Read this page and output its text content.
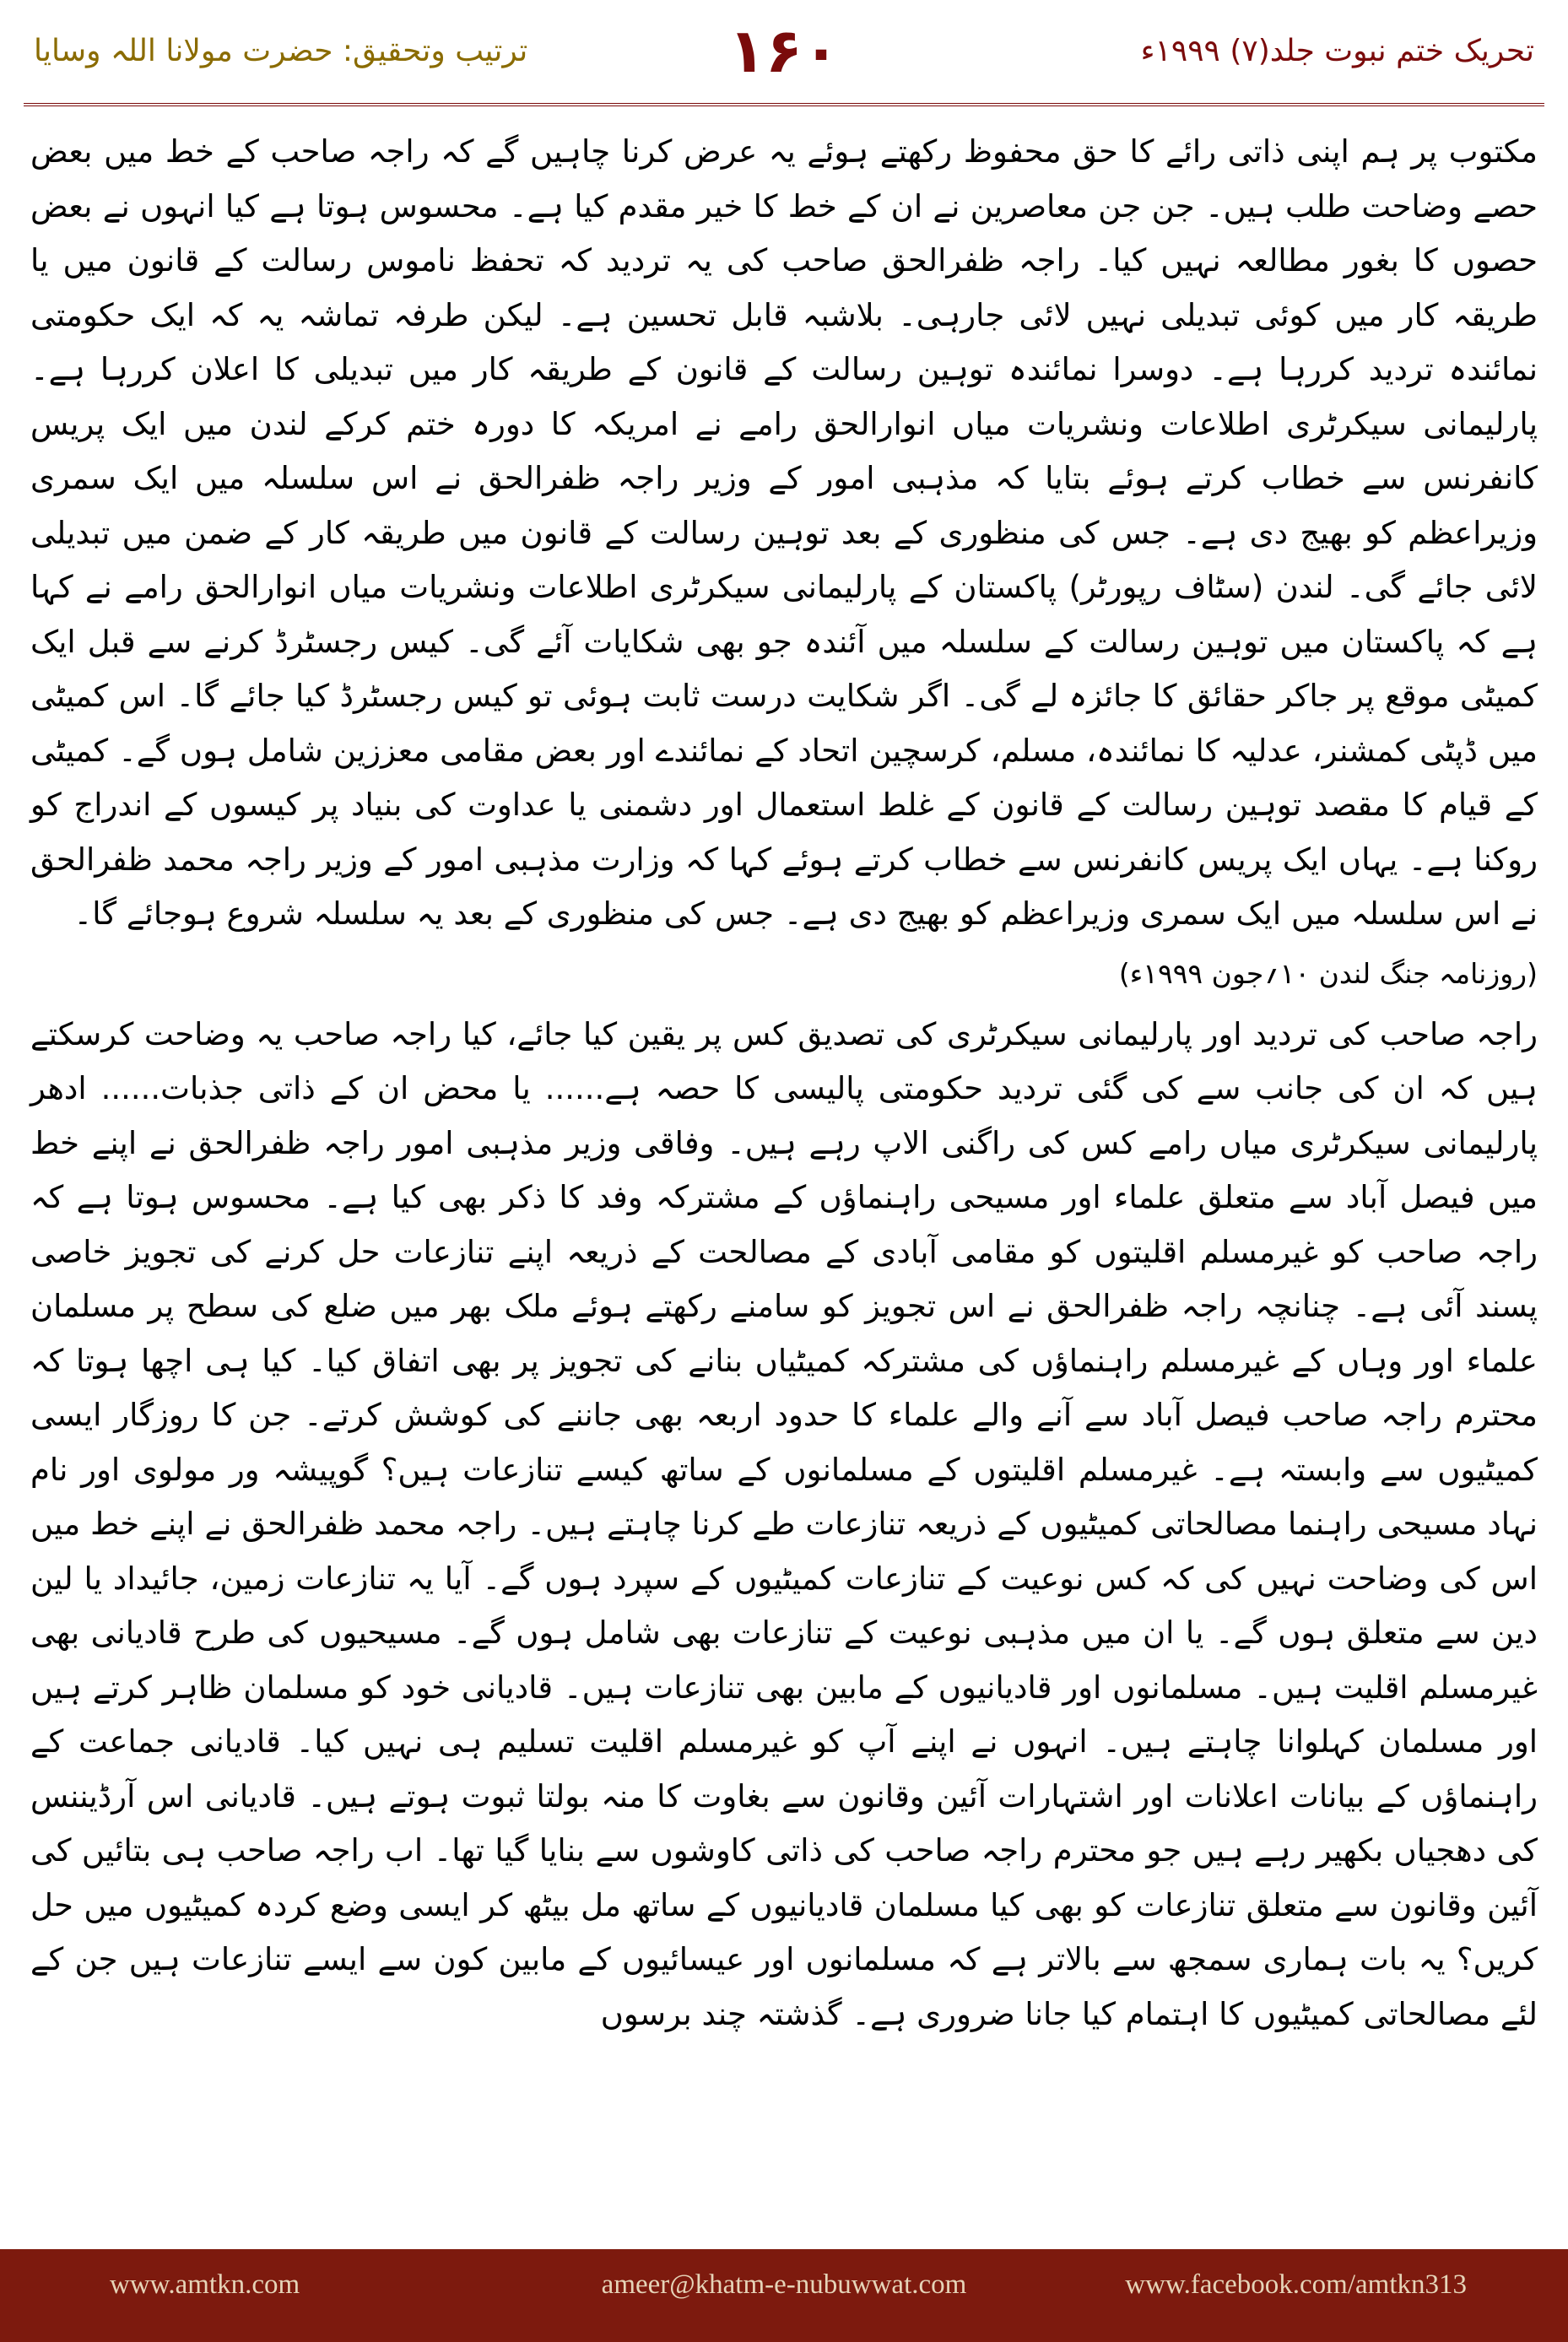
ترتیب وتحقیق: حضرت مولانا اللہ وسایا	۱۶۰	تحریک ختم نبوت جلد(۷) ۱۹۹۹ء

مکتوب پر ہم اپنی ذاتی رائے کا حق محفوظ رکھتے ہوئے یہ عرض کرنا چاہیں گے کہ راجہ صاحب کے خط میں بعض حصے وضاحت طلب ہیں۔ جن جن معاصرین نے ان کے خط کا خیر مقدم کیا ہے۔ محسوس ہوتا ہے کیا انہوں نے بعض حصوں کا بغور مطالعہ نہیں کیا۔ راجہ ظفرالحق صاحب کی یہ تردید کہ تحفظ ناموس رسالت کے قانون میں یا طریقہ کار میں کوئی تبدیلی نہیں لائی جارہی۔ بلاشبہ قابل تحسین ہے۔ لیکن طرفہ تماشہ یہ کہ ایک حکومتی نمائندہ تردید کررہا ہے۔ دوسرا نمائندہ توہین رسالت کے قانون کے طریقہ کار میں تبدیلی کا اعلان کررہا ہے۔ پارلیمانی سیکرٹری اطلاعات ونشریات میاں انوارالحق رامے نے امریکہ کا دورہ ختم کرکے لندن میں ایک پریس کانفرنس سے خطاب کرتے ہوئے بتایا کہ مذہبی امور کے وزیر راجہ ظفرالحق نے اس سلسلہ میں ایک سمری وزیراعظم کو بھیج دی ہے۔ جس کی منظوری کے بعد توہین رسالت کے قانون میں طریقہ کار کے ضمن میں تبدیلی لائی جائے گی۔ لندن (سٹاف رپورٹر) پاکستان کے پارلیمانی سیکرٹری اطلاعات ونشریات میاں انوارالحق رامے نے کہا ہے کہ پاکستان میں توہین رسالت کے سلسلہ میں آئندہ جو بھی شکایات آئے گی۔ کیس رجسٹرڈ کرنے سے قبل ایک کمیٹی موقع پر جاکر حقائق کا جائزہ لے گی۔ اگر شکایت درست ثابت ہوئی تو کیس رجسٹرڈ کیا جائے گا۔ اس کمیٹی میں ڈپٹی کمشنر، عدلیہ کا نمائندہ، مسلم، کرسچین اتحاد کے نمائندے اور بعض مقامی معززین شامل ہوں گے۔ کمیٹی کے قیام کا مقصد توہین رسالت کے قانون کے غلط استعمال اور دشمنی یا عداوت کی بنیاد پر کیسوں کے اندراج کو روکنا ہے۔ یہاں ایک پریس کانفرنس سے خطاب کرتے ہوئے کہا کہ وزارت مذہبی امور کے وزیر راجہ محمد ظفرالحق نے اس سلسلہ میں ایک سمری وزیراعظم کو بھیج دی ہے۔ جس کی منظوری کے بعد یہ سلسلہ شروع ہوجائے گا۔

(روزنامہ جنگ لندن ۱۰؍جون ۱۹۹۹ء)

راجہ صاحب کی تردید اور پارلیمانی سیکرٹری کی تصدیق کس پر یقین کیا جائے، کیا راجہ صاحب یہ وضاحت کرسکتے ہیں کہ ان کی جانب سے کی گئی تردید حکومتی پالیسی کا حصہ ہے...... یا محض ان کے ذاتی جذبات...... ادھر پارلیمانی سیکرٹری میاں رامے کس کی راگنی الاپ رہے ہیں۔ وفاقی وزیر مذہبی امور راجہ ظفرالحق نے اپنے خط میں فیصل آباد سے متعلق علماء اور مسیحی راہنماؤں کے مشترکہ وفد کا ذکر بھی کیا ہے۔ محسوس ہوتا ہے کہ راجہ صاحب کو غیرمسلم اقلیتوں کو مقامی آبادی کے مصالحت کے ذریعہ اپنے تنازعات حل کرنے کی تجویز خاصی پسند آئی ہے۔ چنانچہ راجہ ظفرالحق نے اس تجویز کو سامنے رکھتے ہوئے ملک بھر میں ضلع کی سطح پر مسلمان علماء اور وہاں کے غیرمسلم راہنماؤں کی مشترکہ کمیٹیاں بنانے کی تجویز پر بھی اتفاق کیا۔ کیا ہی اچھا ہوتا کہ محترم راجہ صاحب فیصل آباد سے آنے والے علماء کا حدود اربعہ بھی جاننے کی کوشش کرتے۔ جن کا روزگار ایسی کمیٹیوں سے وابستہ ہے۔ غیرمسلم اقلیتوں کے مسلمانوں کے ساتھ کیسے تنازعات ہیں؟ گوپیشہ ور مولوی اور نام نہاد مسیحی راہنما مصالحاتی کمیٹیوں کے ذریعہ تنازعات طے کرنا چاہتے ہیں۔ راجہ محمد ظفرالحق نے اپنے خط میں اس کی وضاحت نہیں کی کہ کس نوعیت کے تنازعات کمیٹیوں کے سپرد ہوں گے۔ آیا یہ تنازعات زمین، جائیداد یا لین دین سے متعلق ہوں گے۔ یا ان میں مذہبی نوعیت کے تنازعات بھی شامل ہوں گے۔ مسیحیوں کی طرح قادیانی بھی غیرمسلم اقلیت ہیں۔ مسلمانوں اور قادیانیوں کے مابین بھی تنازعات ہیں۔ قادیانی خود کو مسلمان ظاہر کرتے ہیں اور مسلمان کہلوانا چاہتے ہیں۔ انہوں نے اپنے آپ کو غیرمسلم اقلیت تسلیم ہی نہیں کیا۔ قادیانی جماعت کے راہنماؤں کے بیانات اعلانات اور اشتہارات آئین وقانون سے بغاوت کا منہ بولتا ثبوت ہوتے ہیں۔ قادیانی اس آرڈیننس کی دھجیاں بکھیر رہے ہیں جو محترم راجہ صاحب کی ذاتی کاوشوں سے بنایا گیا تھا۔ اب راجہ صاحب ہی بتائیں کی آئین وقانون سے متعلق تنازعات کو بھی کیا مسلمان قادیانیوں کے ساتھ مل بیٹھ کر ایسی وضع کردہ کمیٹیوں میں حل کریں؟ یہ بات ہماری سمجھ سے بالاتر ہے کہ مسلمانوں اور عیسائیوں کے مابین کون سے ایسے تنازعات ہیں جن کے لئے مصالحاتی کمیٹیوں کا اہتمام کیا جانا ضروری ہے۔ گذشتہ چند برسوں

www.amtkn.com	ameer@khatm-e-nubuwwat.com	www.facebook.com/amtkn313
